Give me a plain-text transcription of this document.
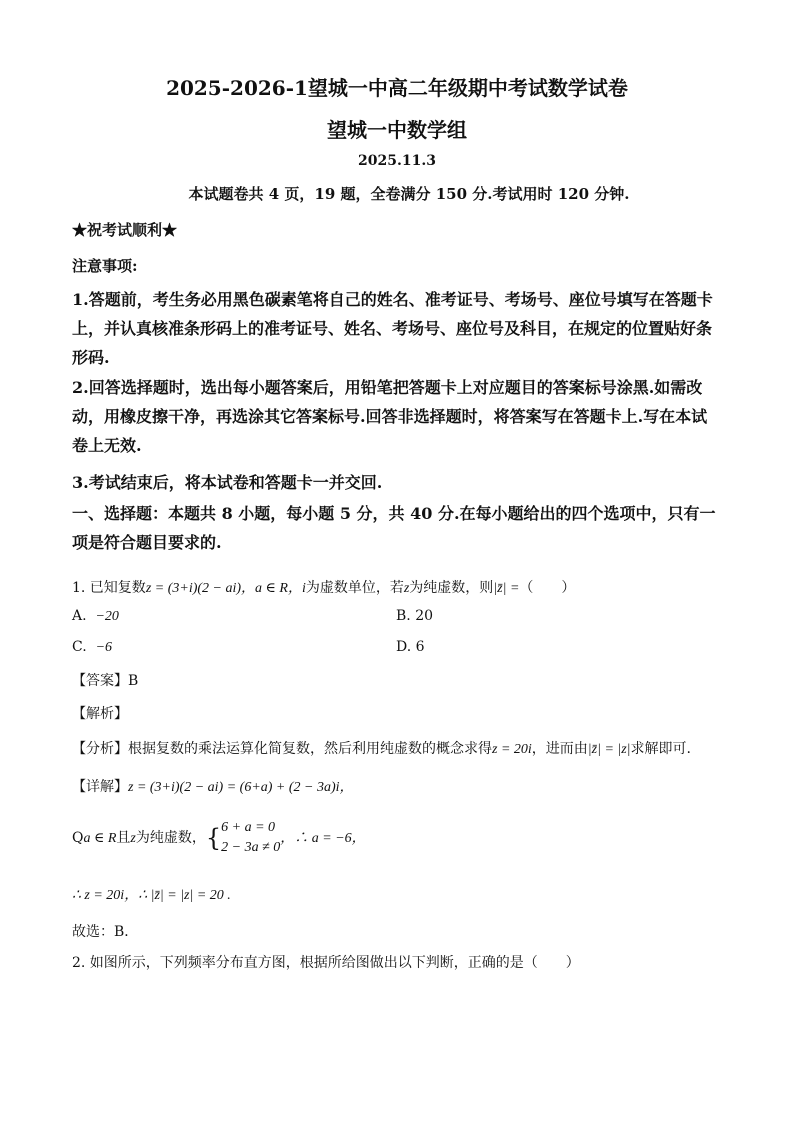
2025-2026-1望城一中高二年级期中考试数学试卷
望城一中数学组
2025.11.3
本试题卷共 4 页，19 题，全卷满分 150 分.考试用时 120 分钟.
★祝考试顺利★
注意事项:
1.答题前，考生务必用黑色碳素笔将自己的姓名、准考证号、考场号、座位号填写在答题卡上，并认真核准条形码上的准考证号、姓名、考场号、座位号及科目，在规定的位置贴好条形码.
2.回答选择题时，选出每小题答案后，用铅笔把答题卡上对应题目的答案标号涂黑.如需改动，用橡皮擦干净，再选涂其它答案标号.回答非选择题时，将答案写在答题卡上.写在本试卷上无效.
3.考试结束后，将本试卷和答题卡一并交回.
一、选择题：本题共 8 小题，每小题 5 分，共 40 分.在每小题给出的四个选项中，只有一项是符合题目要求的.
1. 已知复数z = (3+i)(2 − ai)，a ∈ R，i为虚数单位，若z为纯虚数，则|z̄| =（　　）
A. −20	B. 20
C. −6	D. 6
【答案】B
【解析】
【分析】根据复数的乘法运算化简复数，然后利用纯虚数的概念求得z = 20i，进而由|z̄| = |z|求解即可.
【详解】z = (3+i)(2 − ai) = (6+a) + (2 − 3a)i，
Qa ∈ R且z为纯虚数，{6 + a = 0
2 − 3a ≠ 0，∴ a = −6，
∴ z = 20i，∴ |z̄| = |z| = 20 .
故选：B．
2. 如图所示，下列频率分布直方图，根据所给图做出以下判断，正确的是（　　）
